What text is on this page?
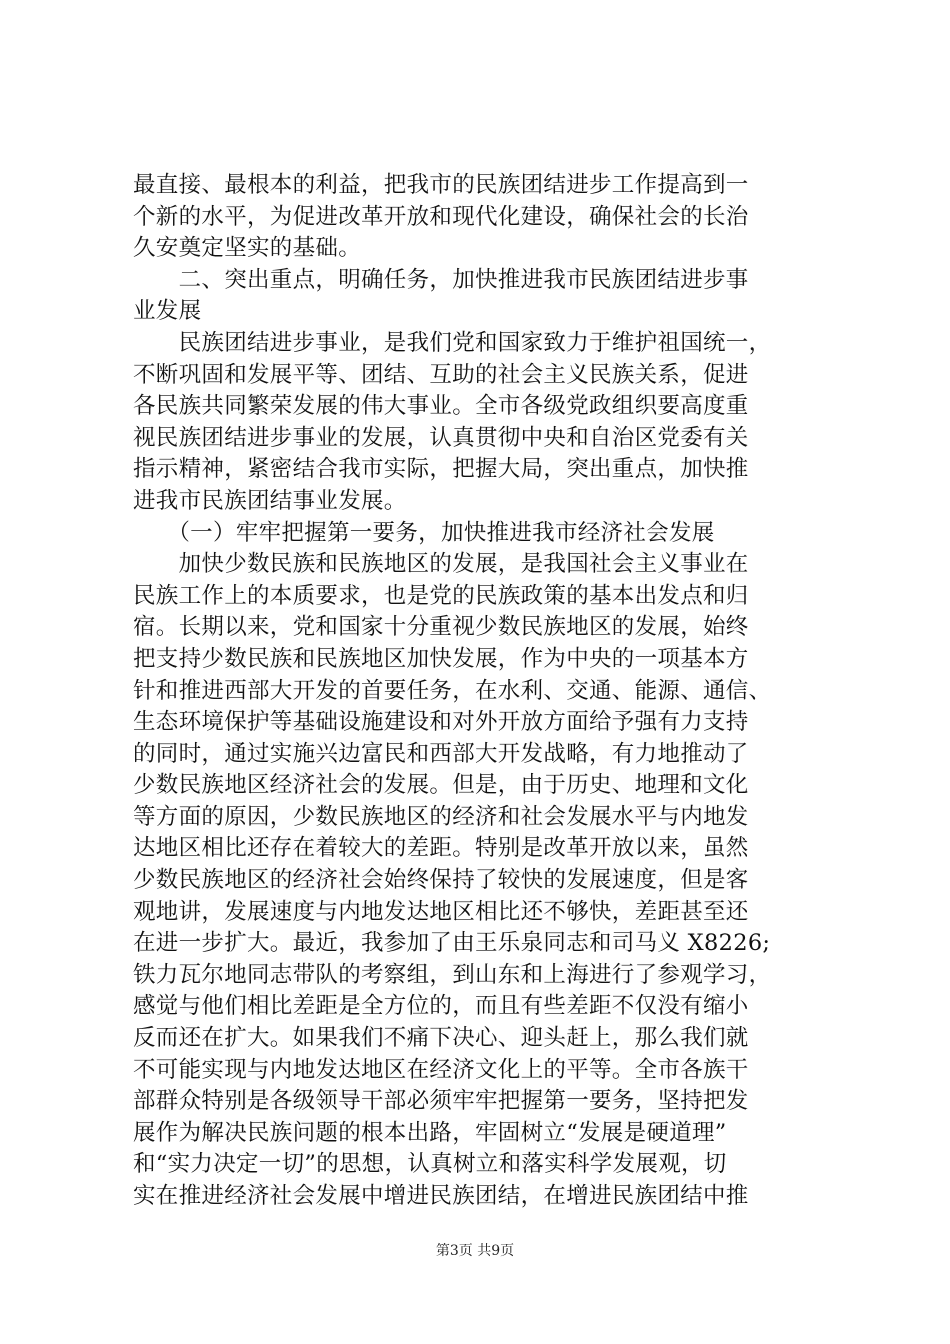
最直接、最根本的利益，把我市的民族团结进步工作提高到一
个新的水平，为促进改革开放和现代化建设，确保社会的长治
久安奠定坚实的基础。
　　二、突出重点，明确任务，加快推进我市民族团结进步事
业发展
　　民族团结进步事业，是我们党和国家致力于维护祖国统一，
不断巩固和发展平等、团结、互助的社会主义民族关系，促进
各民族共同繁荣发展的伟大事业。全市各级党政组织要高度重
视民族团结进步事业的发展，认真贯彻中央和自治区党委有关
指示精神，紧密结合我市实际，把握大局，突出重点，加快推
进我市民族团结事业发展。
　　（一）牢牢把握第一要务，加快推进我市经济社会发展
　　加快少数民族和民族地区的发展，是我国社会主义事业在
民族工作上的本质要求，也是党的民族政策的基本出发点和归
宿。长期以来，党和国家十分重视少数民族地区的发展，始终
把支持少数民族和民族地区加快发展，作为中央的一项基本方
针和推进西部大开发的首要任务，在水利、交通、能源、通信、
生态环境保护等基础设施建设和对外开放方面给予强有力支持
的同时，通过实施兴边富民和西部大开发战略，有力地推动了
少数民族地区经济社会的发展。但是，由于历史、地理和文化
等方面的原因，少数民族地区的经济和社会发展水平与内地发
达地区相比还存在着较大的差距。特别是改革开放以来，虽然
少数民族地区的经济社会始终保持了较快的发展速度，但是客
观地讲，发展速度与内地发达地区相比还不够快，差距甚至还
在进一步扩大。最近，我参加了由王乐泉同志和司马义 X8226;
铁力瓦尔地同志带队的考察组，到山东和上海进行了参观学习，
感觉与他们相比差距是全方位的，而且有些差距不仅没有缩小
反而还在扩大。如果我们不痛下决心、迎头赶上，那么我们就
不可能实现与内地发达地区在经济文化上的平等。全市各族干
部群众特别是各级领导干部必须牢牢把握第一要务，坚持把发
展作为解决民族问题的根本出路，牢固树立“发展是硬道理”
和“实力决定一切”的思想，认真树立和落实科学发展观，切
实在推进经济社会发展中增进民族团结，在增进民族团结中推
第3页 共9页
